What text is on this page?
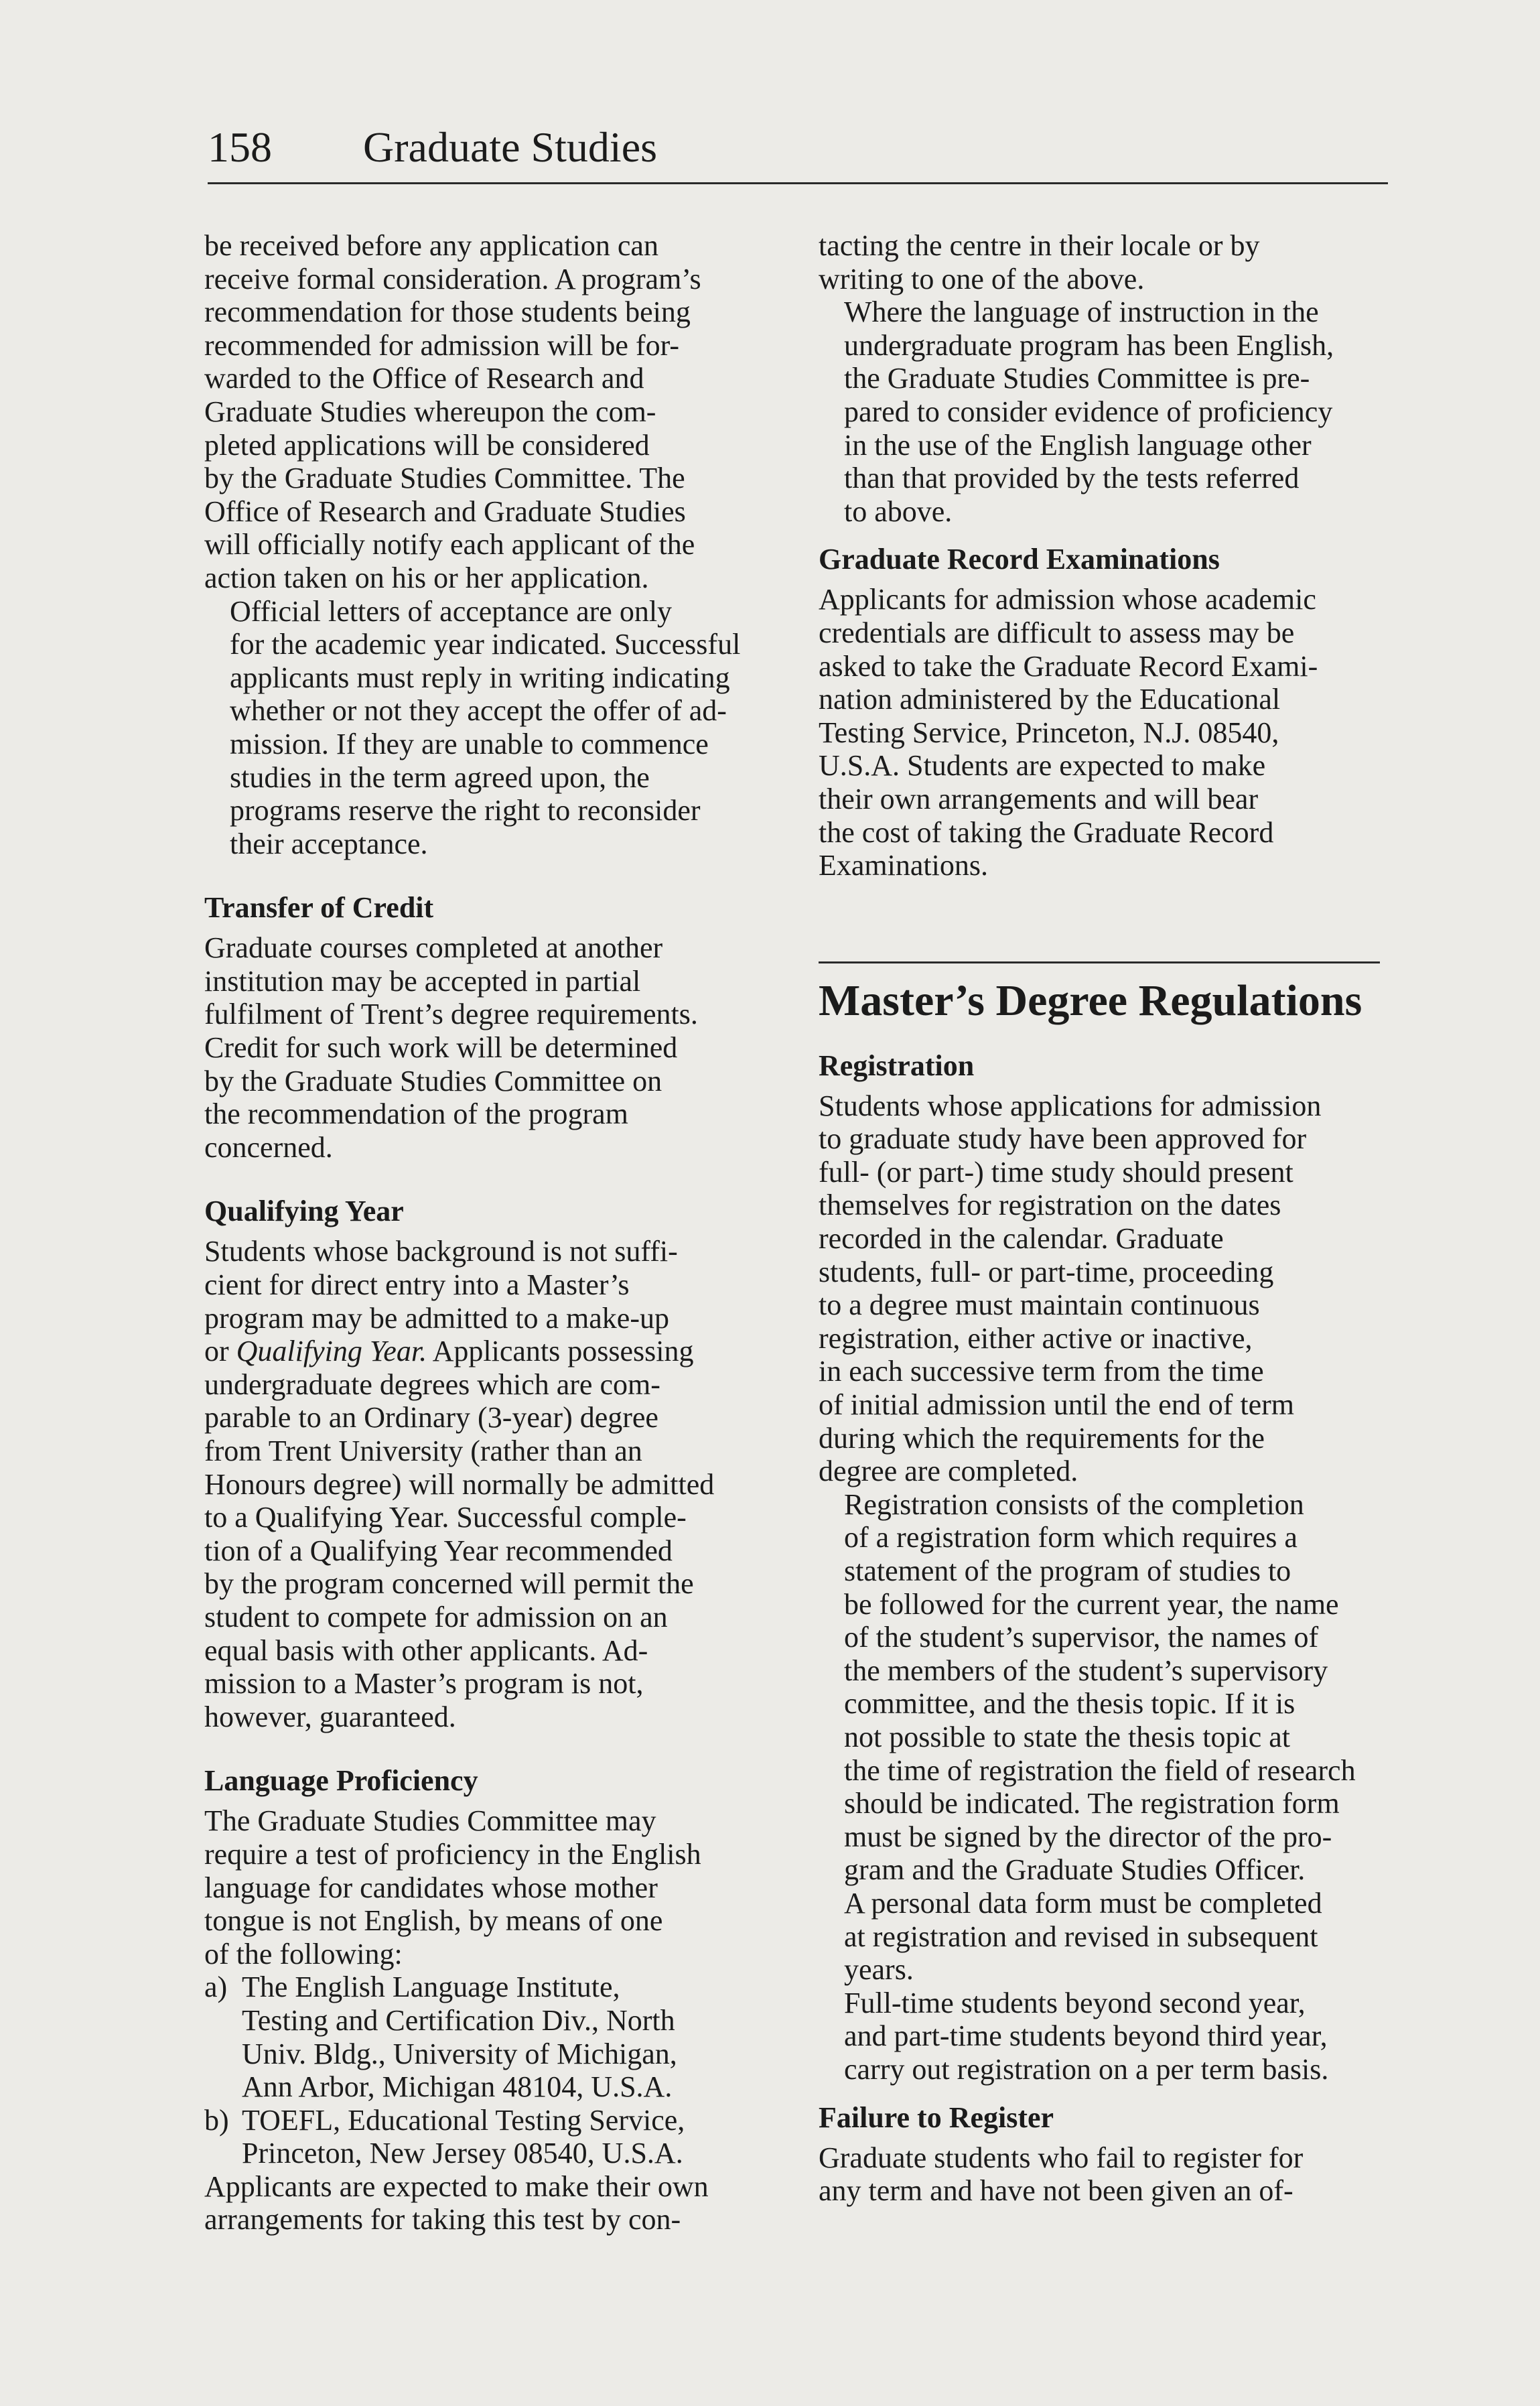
158 Graduate Studies

be received before any application can
receive formal consideration. A program’s
recommendation for those students being
recommended for admission will be for-
warded to the Office of Research and
Graduate Studies whereupon the com-
pleted applications will be considered
by the Graduate Studies Committee. The
Office of Research and Graduate Studies
will officially notify each applicant of the
action taken on his or her application.

Official letters of acceptance are only
for the academic year indicated. Successful
applicants must reply in writing indicating
whether or not they accept the offer of ad-
mission. If they are unable to commence
studies in the term agreed upon, the
programs reserve the right to reconsider
their acceptance.

Transfer of Credit

Graduate courses completed at another
institution may be accepted in partial
fulfilment of Trent’s degree requirements.
Credit for such work will be determined
by the Graduate Studies Committee on
the recommendation of the program
concerned.

Qualifying Year

Students whose background is not suffi-
cient for direct entry into a Master’s
program may be admitted to a make-up
or Qualifying Year. Applicants possessing
undergraduate degrees which are com-
parable to an Ordinary (3-year) degree
from Trent University (rather than an
Honours degree) will normally be admitted
to a Qualifying Year. Successful comple-
tion of a Qualifying Year recommended
by the program concerned will permit the
student to compete for admission on an
equal basis with other applicants. Ad-
mission to a Master’s program is not,
however, guaranteed.

Language Proficiency

The Graduate Studies Committee may
require a test of proficiency in the English
language for candidates whose mother
tongue is not English, by means of one
of the following:

a) The English Language Institute,
Testing and Certification Div., North
Univ. Bldg., University of Michigan,
Ann Arbor, Michigan 48104, U.S.A.
b) TOEFL, Educational Testing Service,
Princeton, New Jersey 08540, U.S.A.

Applicants are expected to make their own
arrangements for taking this test by con-

tacting the centre in their locale or by
writing to one of the above.

Where the language of instruction in the
undergraduate program has been English,
the Graduate Studies Committee is pre-
pared to consider evidence of proficiency
in the use of the English language other
than that provided by the tests referred
to above.

Graduate Record Examinations

Applicants for admission whose academic
credentials are difficult to assess may be
asked to take the Graduate Record Exami-
nation administered by the Educational
Testing Service, Princeton, N.J. 08540,
U.S.A. Students are expected to make
their own arrangements and will bear
the cost of taking the Graduate Record
Examinations.

Master’s Degree Regulations
Registration

Students whose applications for admission
to graduate study have been approved for
full- (or part-) time study should present
themselves for registration on the dates
recorded in the calendar. Graduate
students, full- or part-time, proceeding
to a degree must maintain continuous
registration, either active or inactive,
in each successive term from the time
of initial admission until the end of term
during which the requirements for the
degree are completed.

Registration consists of the completion
of a registration form which requires a
statement of the program of studies to
be followed for the current year, the name
of the student’s supervisor, the names of
the members of the student’s supervisory
committee, and the thesis topic. If it is
not possible to state the thesis topic at
the time of registration the field of research
should be indicated. The registration form
must be signed by the director of the pro-
gram and the Graduate Studies Officer.

A personal data form must be completed
at registration and revised in subsequent
years.

Full-time students beyond second year,
and part-time students beyond third year,
carry out registration on a per term basis.

Failure to Register

Graduate students who fail to register for
any term and have not been given an of-
